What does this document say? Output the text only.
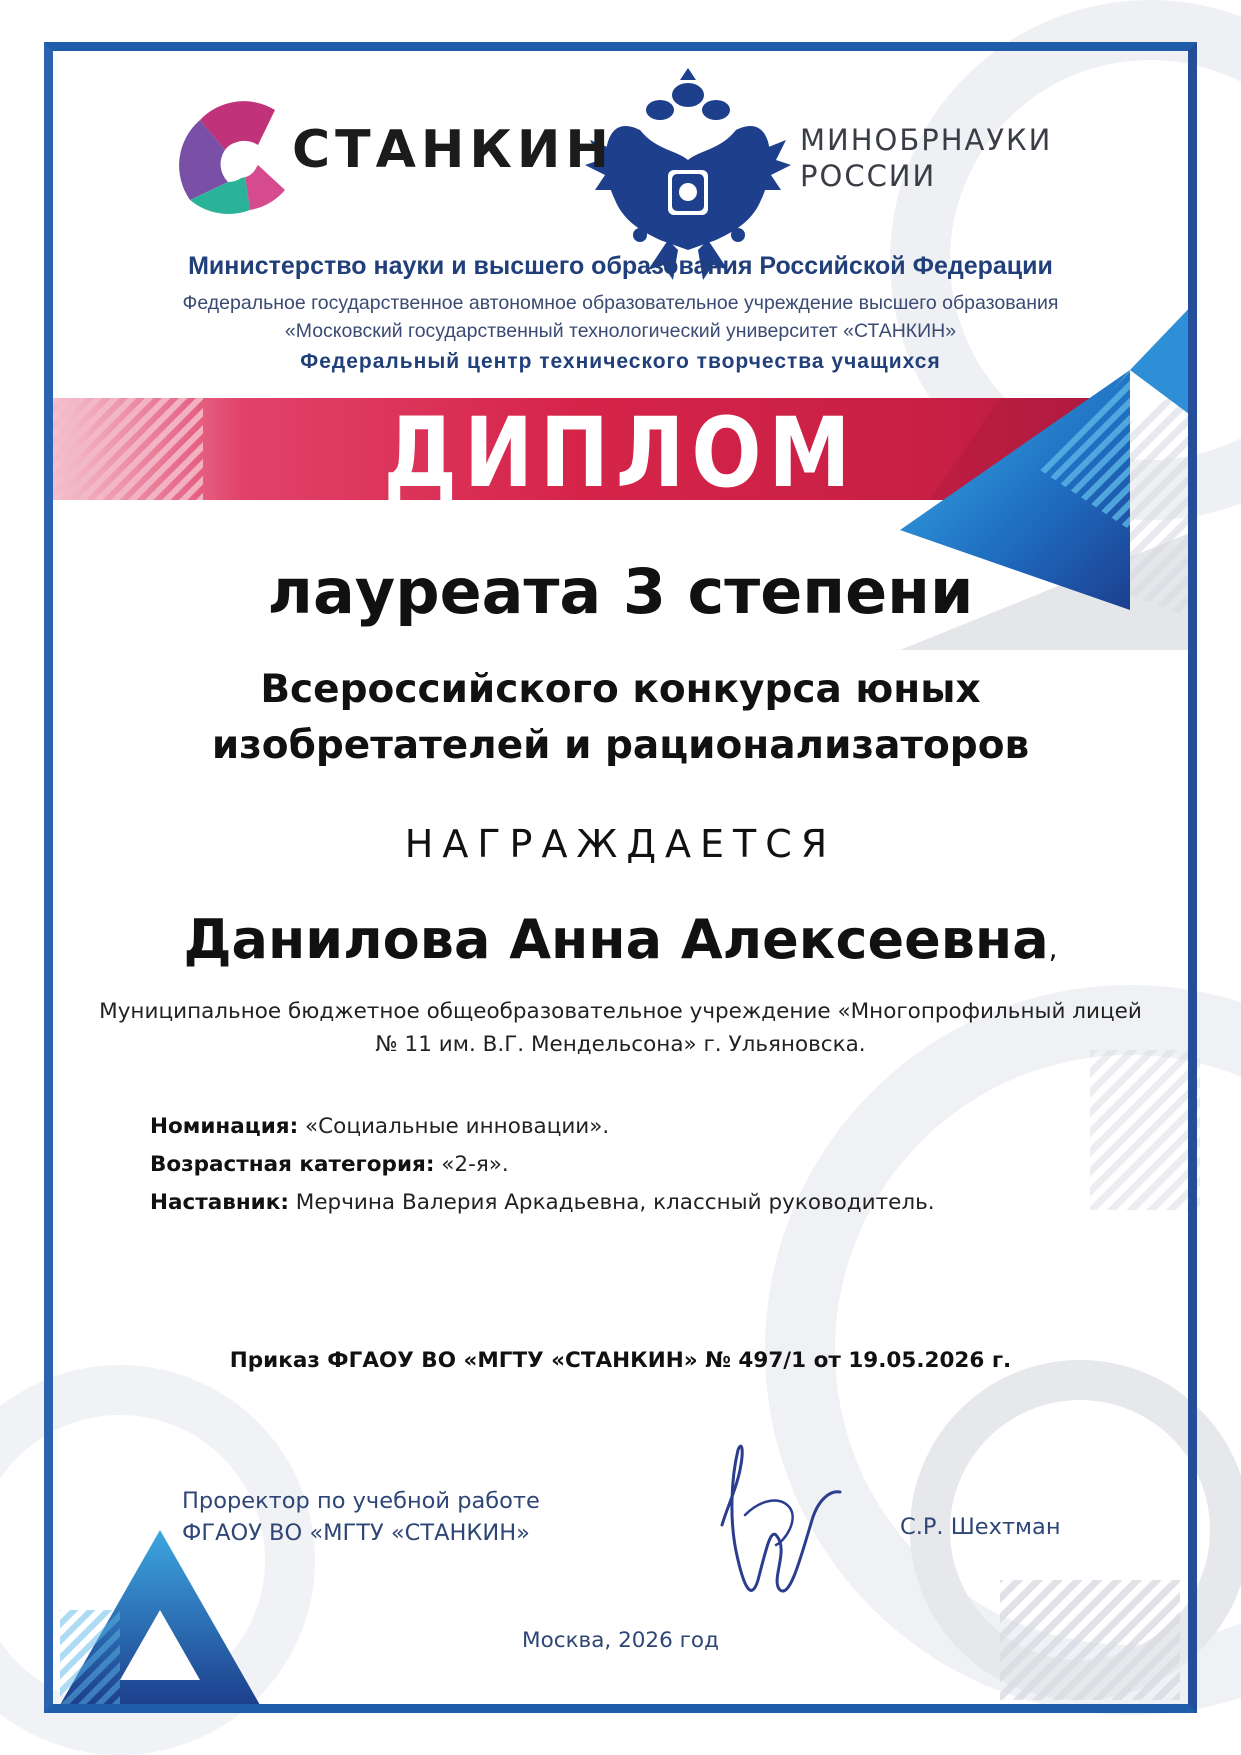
СТАНКИН	МИНОБРНАУКИ
РОССИИ
Министерство науки и высшего образования Российской Федерации
Федеральное государственное автономное образовательное учреждение высшего образования
«Московский государственный технологический университет «СТАНКИН»
Федеральный центр технического творчества учащихся
ДИПЛОМ
лауреата 3 степени
Всероссийского конкурса юных
изобретателей и рационализаторов
НАГРАЖДАЕТСЯ
Данилова Анна Алексеевна,
Муниципальное бюджетное общеобразовательное учреждение «Многопрофильный лицей
№ 11 им. В.Г. Мендельсона» г. Ульяновска.
Номинация: «Социальные инновации».
Возрастная категория: «2-я».
Наставник: Мерчина Валерия Аркадьевна, классный руководитель.
Приказ ФГАОУ ВО «МГТУ «СТАНКИН» № 497/1 от 19.05.2026 г.
Проректор по учебной работе
ФГАОУ ВО «МГТУ «СТАНКИН»	С.Р. Шехтман
Москва, 2026 год
